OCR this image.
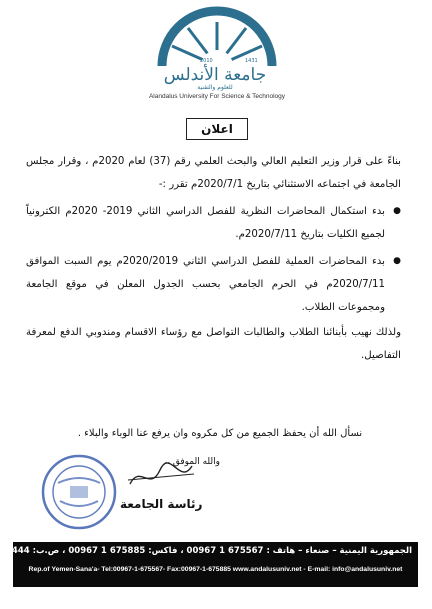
2010	1431
جامعة الأندلس
للعلوم والتقنية
Alandalus University For Science & Technology
اعلان

بناءً على قرار وزير التعليم العالي والبحث العلمي رقم (37) لعام 2020م ، وقرار مجلس الجامعة في اجتماعه الاستثنائي بتاريخ 2020/7/1م تقرر :-

●
بدء استكمال المحاضرات النظرية للفصل الدراسي الثاني 2019- 2020م الكترونياً لجميع الكليات بتاريخ 2020/7/11م.
●
بدء المحاضرات العملية للفصل الدراسي الثاني 2020/2019م يوم السبت الموافق 2020/7/11م في الحرم الجامعي بحسب الجدول المعلن في موقع الجامعة ومجموعات الطلاب.

ولذلك نهيب بأبنائنا الطلاب والطالبات التواصل مع رؤساء الاقسام ومندوبي الدفع لمعرفة التفاصيل.

نسأل الله أن يحفظ الجميع من كل مكروه وان يرفع عنا الوباء والبلاء .
والله الموفق ،،
رئاسة الجامعة
الجمهورية اليمنية – صنعاء – هاتف : 675567 1 00967 ، فاكس: 675885 1 00967 ، ص.ب: 37444
Rep.of Yemen-Sana'a- Tel:00967-1-675567- Fax:00967-1-675885 www.andalusuniv.net - E-mail: info@andalusuniv.net
